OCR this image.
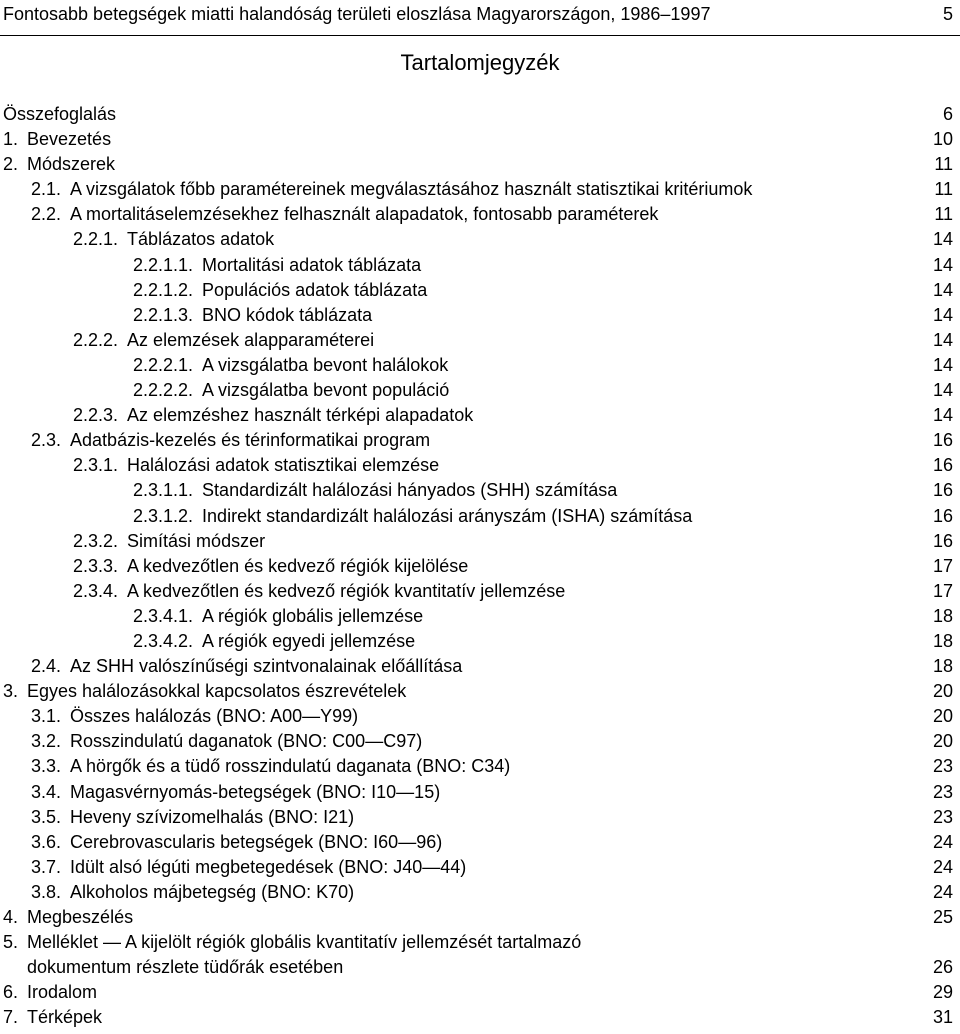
Fontosabb betegségek miatti halandóság területi eloszlása Magyarországon, 1986–1997	5
Tartalomjegyzék
Összefoglalás	6
1. Bevezetés	10
2. Módszerek	11
2.1. A vizsgálatok főbb paramétereinek megválasztásához használt statisztikai kritériumok	11
2.2. A mortalitáselemzésekhez felhasznált alapadatok, fontosabb paraméterek	11
2.2.1. Táblázatos adatok	14
2.2.1.1. Mortalitási adatok táblázata	14
2.2.1.2. Populációs adatok táblázata	14
2.2.1.3. BNO kódok táblázata	14
2.2.2. Az elemzések alapparaméterei	14
2.2.2.1. A vizsgálatba bevont halálokok	14
2.2.2.2. A vizsgálatba bevont populáció	14
2.2.3. Az elemzéshez használt térképi alapadatok	14
2.3. Adatbázis-kezelés és térinformatikai program	16
2.3.1. Halálozási adatok statisztikai elemzése	16
2.3.1.1. Standardizált halálozási hányados (SHH) számítása	16
2.3.1.2. Indirekt standardizált halálozási arányszám (ISHA) számítása	16
2.3.2. Simítási módszer	16
2.3.3. A kedvezőtlen és kedvező régiók kijelölése	17
2.3.4. A kedvezőtlen és kedvező régiók kvantitatív jellemzése	17
2.3.4.1. A régiók globális jellemzése	18
2.3.4.2. A régiók egyedi jellemzése	18
2.4. Az SHH valószínűségi szintvonalainak előállítása	18
3. Egyes halálozásokkal kapcsolatos észrevételek	20
3.1. Összes halálozás (BNO: A00—Y99)	20
3.2. Rosszindulatú daganatok (BNO: C00—C97)	20
3.3. A hörgők és a tüdő rosszindulatú daganata (BNO: C34)	23
3.4. Magasvérnyomás-betegségek (BNO: I10—15)	23
3.5. Heveny szívizomelhalás (BNO: I21)	23
3.6. Cerebrovascularis betegségek (BNO: I60—96)	24
3.7. Idült alsó légúti megbetegedések (BNO: J40—44)	24
3.8. Alkoholos májbetegség (BNO: K70)	24
4. Megbeszélés	25
5. Melléklet — A kijelölt régiók globális kvantitatív jellemzését tartalmazó
dokumentum részlete tüdőrák esetében	26
6. Irodalom	29
7. Térképek	31
